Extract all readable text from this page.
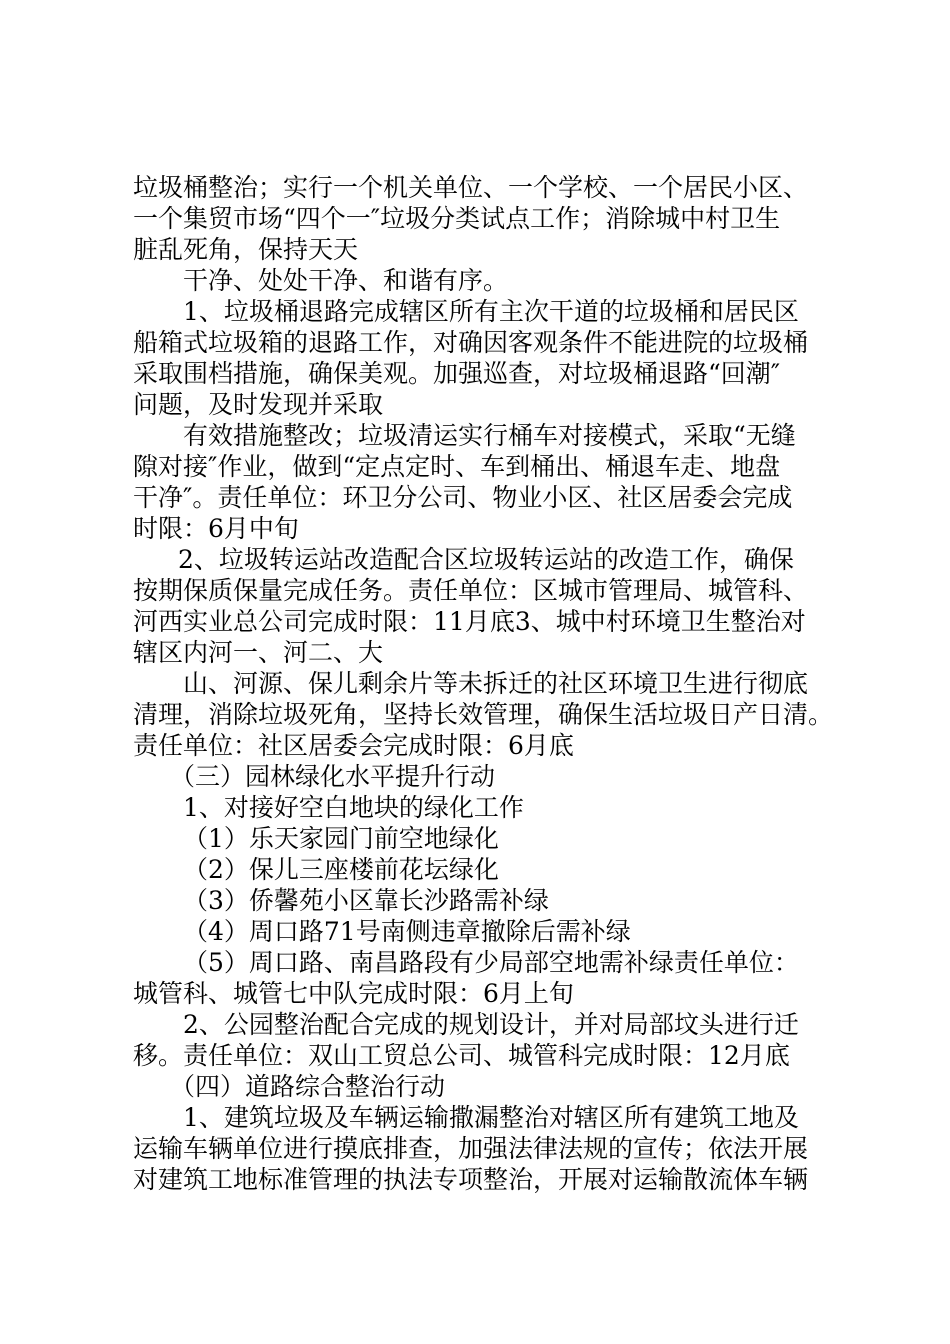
垃圾桶整治；实行一个机关单位、一个学校、一个居民小区、
一个集贸市场“四个一″垃圾分类试点工作；消除城中村卫生
脏乱死角，保持天天
干净、处处干净、和谐有序。
1、垃圾桶退路完成辖区所有主次干道的垃圾桶和居民区
船箱式垃圾箱的退路工作，对确因客观条件不能进院的垃圾桶
采取围档措施，确保美观。加强巡查，对垃圾桶退路“回潮″
问题，及时发现并采取
有效措施整改；垃圾清运实行桶车对接模式，采取“无缝
隙对接″作业，做到“定点定时、车到桶出、桶退车走、地盘
干净″。责任单位：环卫分公司、物业小区、社区居委会完成
时限：6月中旬
2、垃圾转运站改造配合区垃圾转运站的改造工作，确保
按期保质保量完成任务。责任单位：区城市管理局、城管科、
河西实业总公司完成时限：11月底3、城中村环境卫生整治对
辖区内河一、河二、大
山、河源、保儿剩余片等未拆迁的社区环境卫生进行彻底
清理，消除垃圾死角，坚持长效管理，确保生活垃圾日产日清。
责任单位：社区居委会完成时限：6月底
（三）园林绿化水平提升行动
1、对接好空白地块的绿化工作
（1）乐天家园门前空地绿化
（2）保儿三座楼前花坛绿化
（3）侨馨苑小区靠长沙路需补绿
（4）周口路71号南侧违章撤除后需补绿
（5）周口路、南昌路段有少局部空地需补绿责任单位：
城管科、城管七中队完成时限：6月上旬
2、公园整治配合完成的规划设计，并对局部坟头进行迁
移。责任单位：双山工贸总公司、城管科完成时限：12月底
（四）道路综合整治行动
1、建筑垃圾及车辆运输撒漏整治对辖区所有建筑工地及
运输车辆单位进行摸底排查，加强法律法规的宣传；依法开展
对建筑工地标准管理的执法专项整治，开展对运输散流体车辆
